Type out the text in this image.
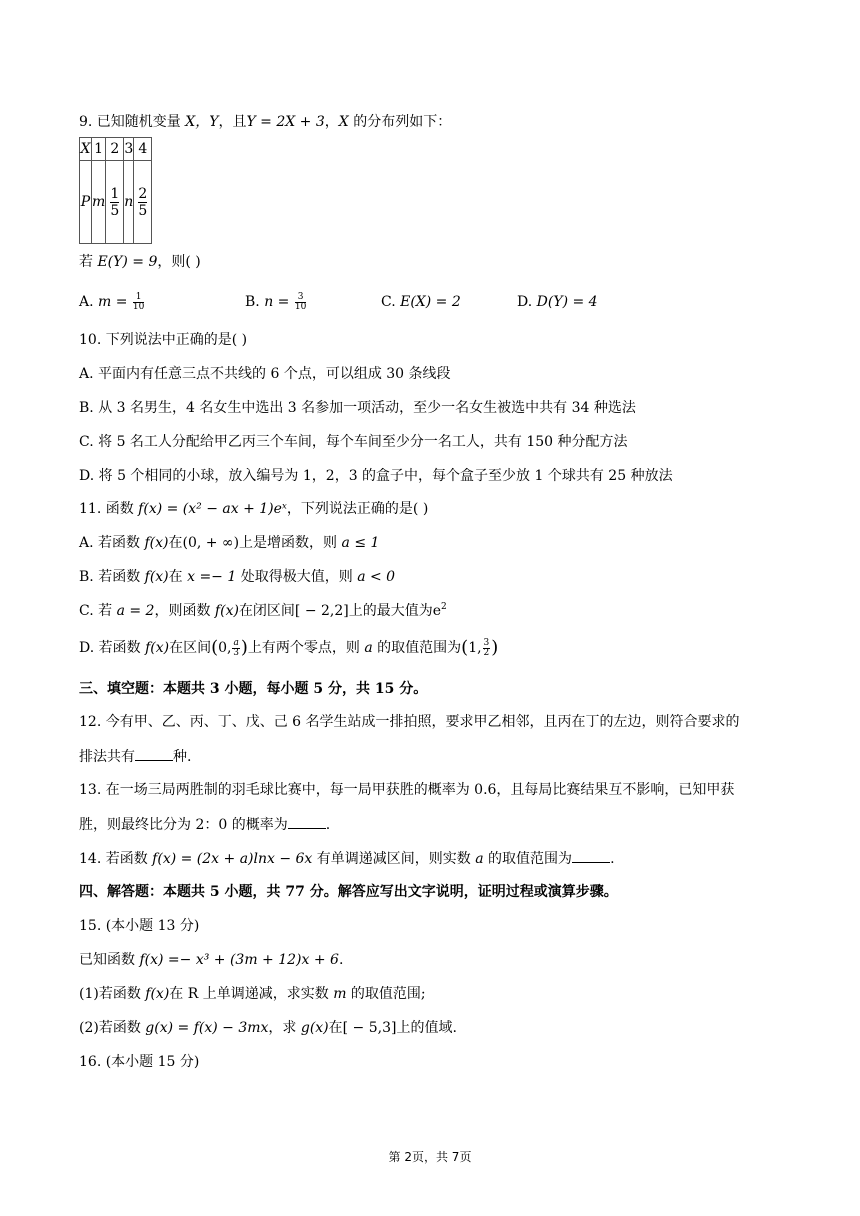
9. 已知随机变量 X，Y，且Y = 2X + 3，X 的分布列如下：
X	1	2	3	4
P	m	$\frac{1}{5}$	n	$\frac{2}{5}$
若 E(Y) = 9，则( )
A. $m = \frac{1}{10}$	B. $n = \frac{3}{10}$	C. E(X) = 2	D. D(Y) = 4
10. 下列说法中正确的是( )
A. 平面内有任意三点不共线的 6 个点，可以组成 30 条线段
B. 从 3 名男生，4 名女生中选出 3 名参加一项活动，至少一名女生被选中共有 34 种选法
C. 将 5 名工人分配给甲乙丙三个车间，每个车间至少分一名工人，共有 150 种分配方法
D. 将 5 个相同的小球，放入编号为 1，2，3 的盒子中，每个盒子至少放 1 个球共有 25 种放法
11. 函数 f(x) = (x² − ax + 1)eˣ，下列说法正确的是( )
A. 若函数 f(x)在(0, + ∞)上是增函数，则 a ≤ 1
B. 若函数 f(x)在 x =− 1 处取得极大值，则 a < 0
C. 若 a = 2，则函数 f(x)在闭区间[ − 2,2]上的最大值为$e^2$
D. 若函数 f(x)在区间(0, $\frac{a}{3}$ )上有两个零点，则 a 的取值范围为(1, $\frac{3}{2}$ )
三、填空题：本题共 3 小题，每小题 5 分，共 15 分。
12. 今有甲、乙、丙、丁、戊、己 6 名学生站成一排拍照，要求甲乙相邻，且丙在丁的左边，则符合要求的
排法共有	种.
13. 在一场三局两胜制的羽毛球比赛中，每一局甲获胜的概率为 0.6，且每局比赛结果互不影响，已知甲获
胜，则最终比分为 2：0 的概率为	.
14. 若函数 f(x) = (2x + a)lnx − 6x 有单调递减区间，则实数 a 的取值范围为	.
四、解答题：本题共 5 小题，共 77 分。解答应写出文字说明，证明过程或演算步骤。
15. (本小题 13 分)
已知函数 f(x) =− x³ + (3m + 12)x + 6.
(1)若函数 f(x)在 R 上单调递减，求实数 m 的取值范围;
(2)若函数 g(x) = f(x) − 3mx，求 g(x)在[ − 5,3]上的值域.
16. (本小题 15 分)
第 2页，共 7页
